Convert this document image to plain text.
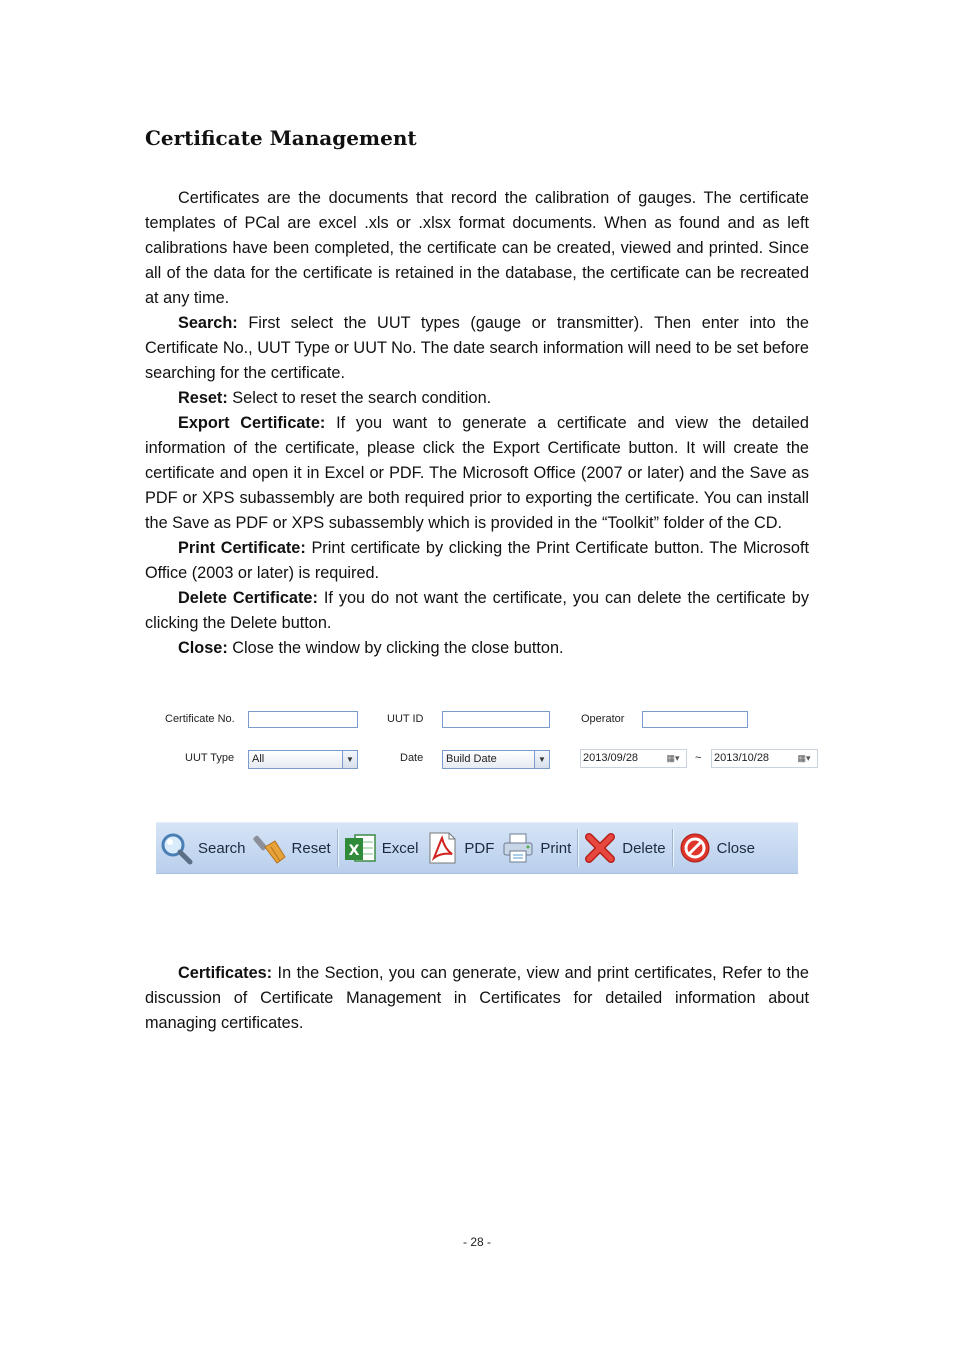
Certificate Management

Certificates are the documents that record the calibration of gauges. The certificate templates of PCal are excel .xls or .xlsx format documents. When as found and as left calibrations have been completed, the certificate can be created, viewed and printed. Since all of the data for the certificate is retained in the database, the certificate can be recreated at any time.

Search: First select the UUT types (gauge or transmitter). Then enter into the Certificate No., UUT Type or UUT No. The date search information will need to be set before searching for the certificate.

Reset: Select to reset the search condition.

Export Certificate: If you want to generate a certificate and view the detailed information of the certificate, please click the Export Certificate button. It will create the certificate and open it in Excel or PDF. The Microsoft Office (2007 or later) and the Save as PDF or XPS subassembly are both required prior to exporting the certificate. You can install the Save as PDF or XPS subassembly which is provided in the “Toolkit” folder of the CD.

Print Certificate: Print certificate by clicking the Print Certificate button. The Microsoft Office (2003 or later) is required.

Delete Certificate: If you do not want the certificate, you can delete the certificate by clicking the Delete button.

Close: Close the window by clicking the close button.

Certificate No.	UUT ID	Operator
UUT Type	All	▼	Date	Build Date	▼	2013/09/28	▦▾	~ 2013/10/28	▦▾
Search	Reset X Excel	PDF	Print	Delete	Close

Certificates: In the Section, you can generate, view and print certificates, Refer to the discussion of Certificate Management in Certificates for detailed information about managing certificates.

- 28 -
